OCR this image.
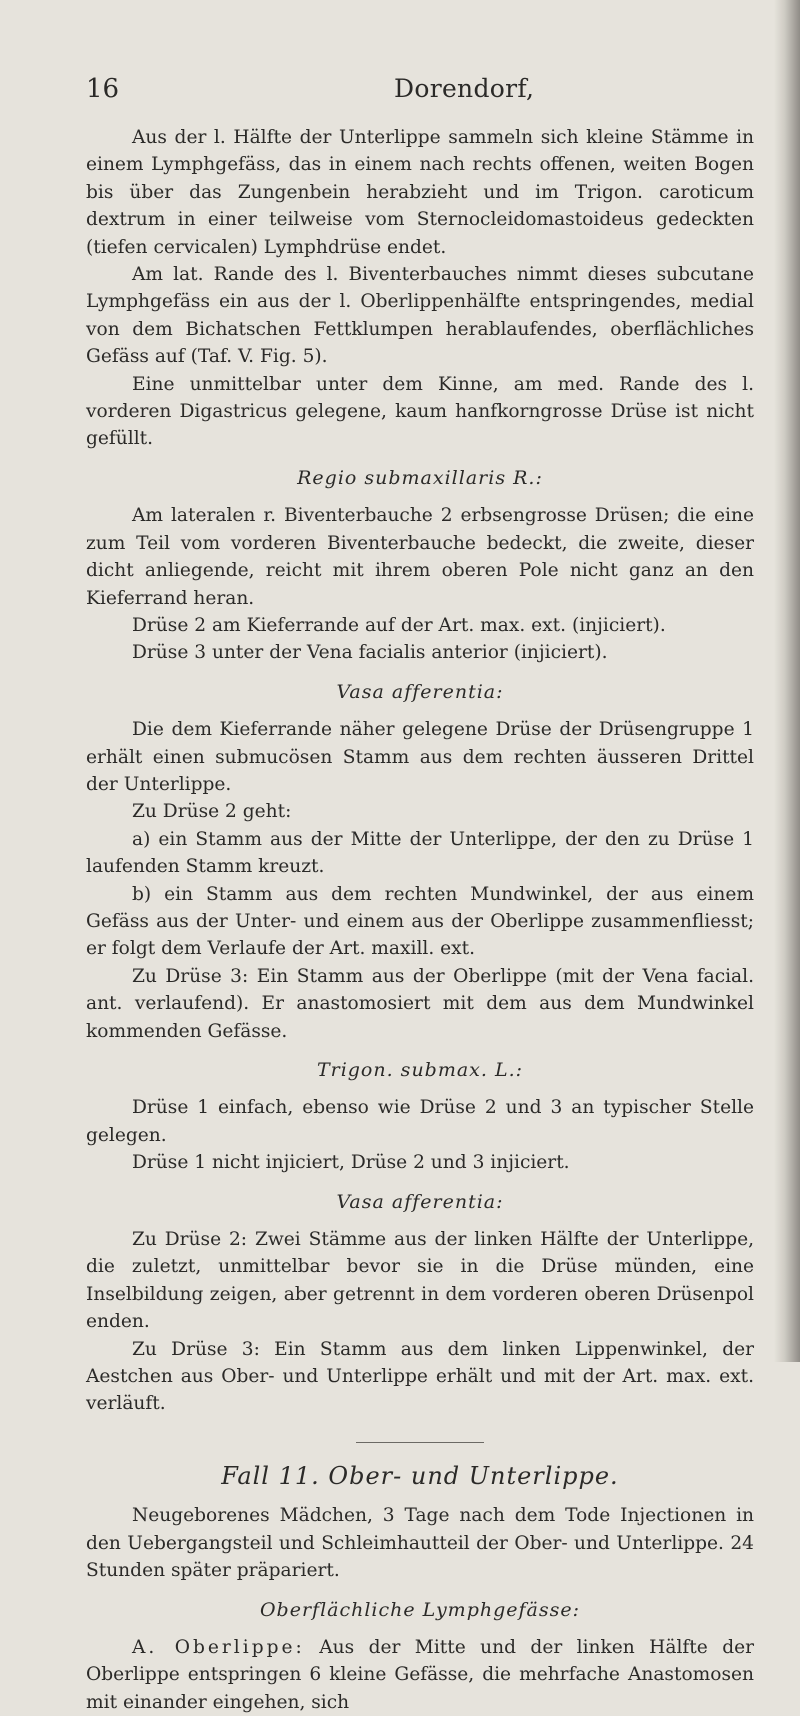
16	Dorendorf,

Aus der l. Hälfte der Unterlippe sammeln sich kleine Stämme in einem Lymphgefäss, das in einem nach rechts offenen, weiten Bogen bis über das Zungenbein herabzieht und im Trigon. caroticum dextrum in einer teilweise vom Sternocleidomastoideus gedeckten (tiefen cervicalen) Lymphdrüse endet.

Am lat. Rande des l. Biventerbauches nimmt dieses subcutane Lymphgefäss ein aus der l. Oberlippenhälfte entspringendes, medial von dem Bichatschen Fettklumpen herablaufendes, oberflächliches Gefäss auf (Taf. V. Fig. 5).

Eine unmittelbar unter dem Kinne, am med. Rande des l. vorderen Digastricus gelegene, kaum hanfkorngrosse Drüse ist nicht gefüllt.

Regio submaxillaris R.:

Am lateralen r. Biventerbauche 2 erbsengrosse Drüsen; die eine zum Teil vom vorderen Biventerbauche bedeckt, die zweite, dieser dicht anliegende, reicht mit ihrem oberen Pole nicht ganz an den Kieferrand heran.

Drüse 2 am Kieferrande auf der Art. max. ext. (injiciert).

Drüse 3 unter der Vena facialis anterior (injiciert).

Vasa afferentia:

Die dem Kieferrande näher gelegene Drüse der Drüsengruppe 1 erhält einen submucösen Stamm aus dem rechten äusseren Drittel der Unterlippe.

Zu Drüse 2 geht:

a) ein Stamm aus der Mitte der Unterlippe, der den zu Drüse 1 laufenden Stamm kreuzt.

b) ein Stamm aus dem rechten Mundwinkel, der aus einem Gefäss aus der Unter- und einem aus der Oberlippe zusammenfliesst; er folgt dem Verlaufe der Art. maxill. ext.

Zu Drüse 3: Ein Stamm aus der Oberlippe (mit der Vena facial. ant. verlaufend). Er anastomosiert mit dem aus dem Mundwinkel kommenden Gefässe.

Trigon. submax. L.:

Drüse 1 einfach, ebenso wie Drüse 2 und 3 an typischer Stelle gelegen.

Drüse 1 nicht injiciert, Drüse 2 und 3 injiciert.

Vasa afferentia:

Zu Drüse 2: Zwei Stämme aus der linken Hälfte der Unterlippe, die zuletzt, unmittelbar bevor sie in die Drüse münden, eine Inselbildung zeigen, aber getrennt in dem vorderen oberen Drüsenpol enden.

Zu Drüse 3: Ein Stamm aus dem linken Lippenwinkel, der Aestchen aus Ober- und Unterlippe erhält und mit der Art. max. ext. verläuft.

Fall 11. Ober- und Unterlippe.

Neugeborenes Mädchen, 3 Tage nach dem Tode Injectionen in den Uebergangsteil und Schleimhautteil der Ober- und Unterlippe. 24 Stunden später präpariert.

Oberflächliche Lymphgefässe:

A. Oberlippe: Aus der Mitte und der linken Hälfte der Oberlippe entspringen 6 kleine Gefässe, die mehrfache Anastomosen mit einander eingehen, sich
